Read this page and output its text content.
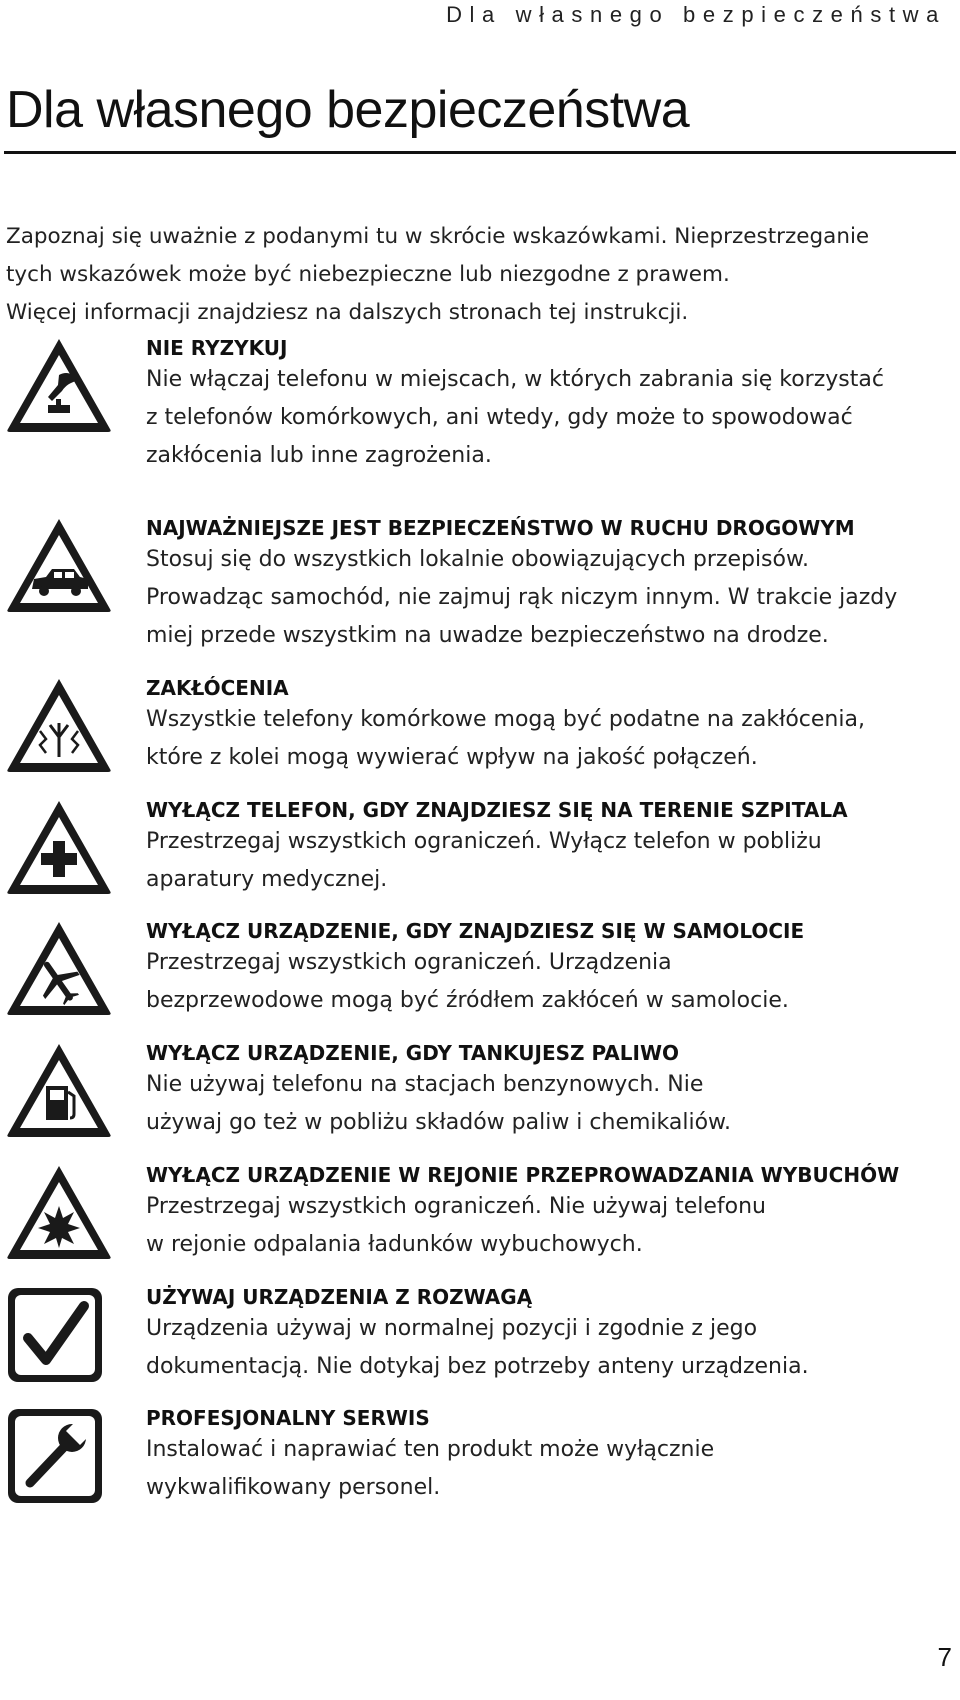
Dla własnego bezpieczeństwa
Dla własnego bezpieczeństwa
Zapoznaj się uważnie z podanymi tu w skrócie wskazówkami. Nieprzestrzeganie
tych wskazówek może być niebezpieczne lub niezgodne z prawem.
Więcej informacji znajdziesz na dalszych stronach tej instrukcji.
NIE RYZYKUJ
Nie włączaj telefonu w miejscach, w których zabrania się korzystać
z telefonów komórkowych, ani wtedy, gdy może to spowodować
zakłócenia lub inne zagrożenia.
NAJWAŻNIEJSZE JEST BEZPIECZEŃSTWO W RUCHU DROGOWYM
Stosuj się do wszystkich lokalnie obowiązujących przepisów.
Prowadząc samochód, nie zajmuj rąk niczym innym. W trakcie jazdy
miej przede wszystkim na uwadze bezpieczeństwo na drodze.
ZAKŁÓCENIA
Wszystkie telefony komórkowe mogą być podatne na zakłócenia,
które z kolei mogą wywierać wpływ na jakość połączeń.
WYŁĄCZ TELEFON, GDY ZNAJDZIESZ SIĘ NA TERENIE SZPITALA
Przestrzegaj wszystkich ograniczeń. Wyłącz telefon w pobliżu
aparatury medycznej.
WYŁĄCZ URZĄDZENIE, GDY ZNAJDZIESZ SIĘ W SAMOLOCIE
Przestrzegaj wszystkich ograniczeń. Urządzenia
bezprzewodowe mogą być źródłem zakłóceń w samolocie.
WYŁĄCZ URZĄDZENIE, GDY TANKUJESZ PALIWO
Nie używaj telefonu na stacjach benzynowych. Nie
używaj go też w pobliżu składów paliw i chemikaliów.
WYŁĄCZ URZĄDZENIE W REJONIE PRZEPROWADZANIA WYBUCHÓW
Przestrzegaj wszystkich ograniczeń. Nie używaj telefonu
w rejonie odpalania ładunków wybuchowych.
UŻYWAJ URZĄDZENIA Z ROZWAGĄ
Urządzenia używaj w normalnej pozycji i zgodnie z jego
dokumentacją. Nie dotykaj bez potrzeby anteny urządzenia.
PROFESJONALNY SERWIS
Instalować i naprawiać ten produkt może wyłącznie
wykwalifikowany personel.
7
